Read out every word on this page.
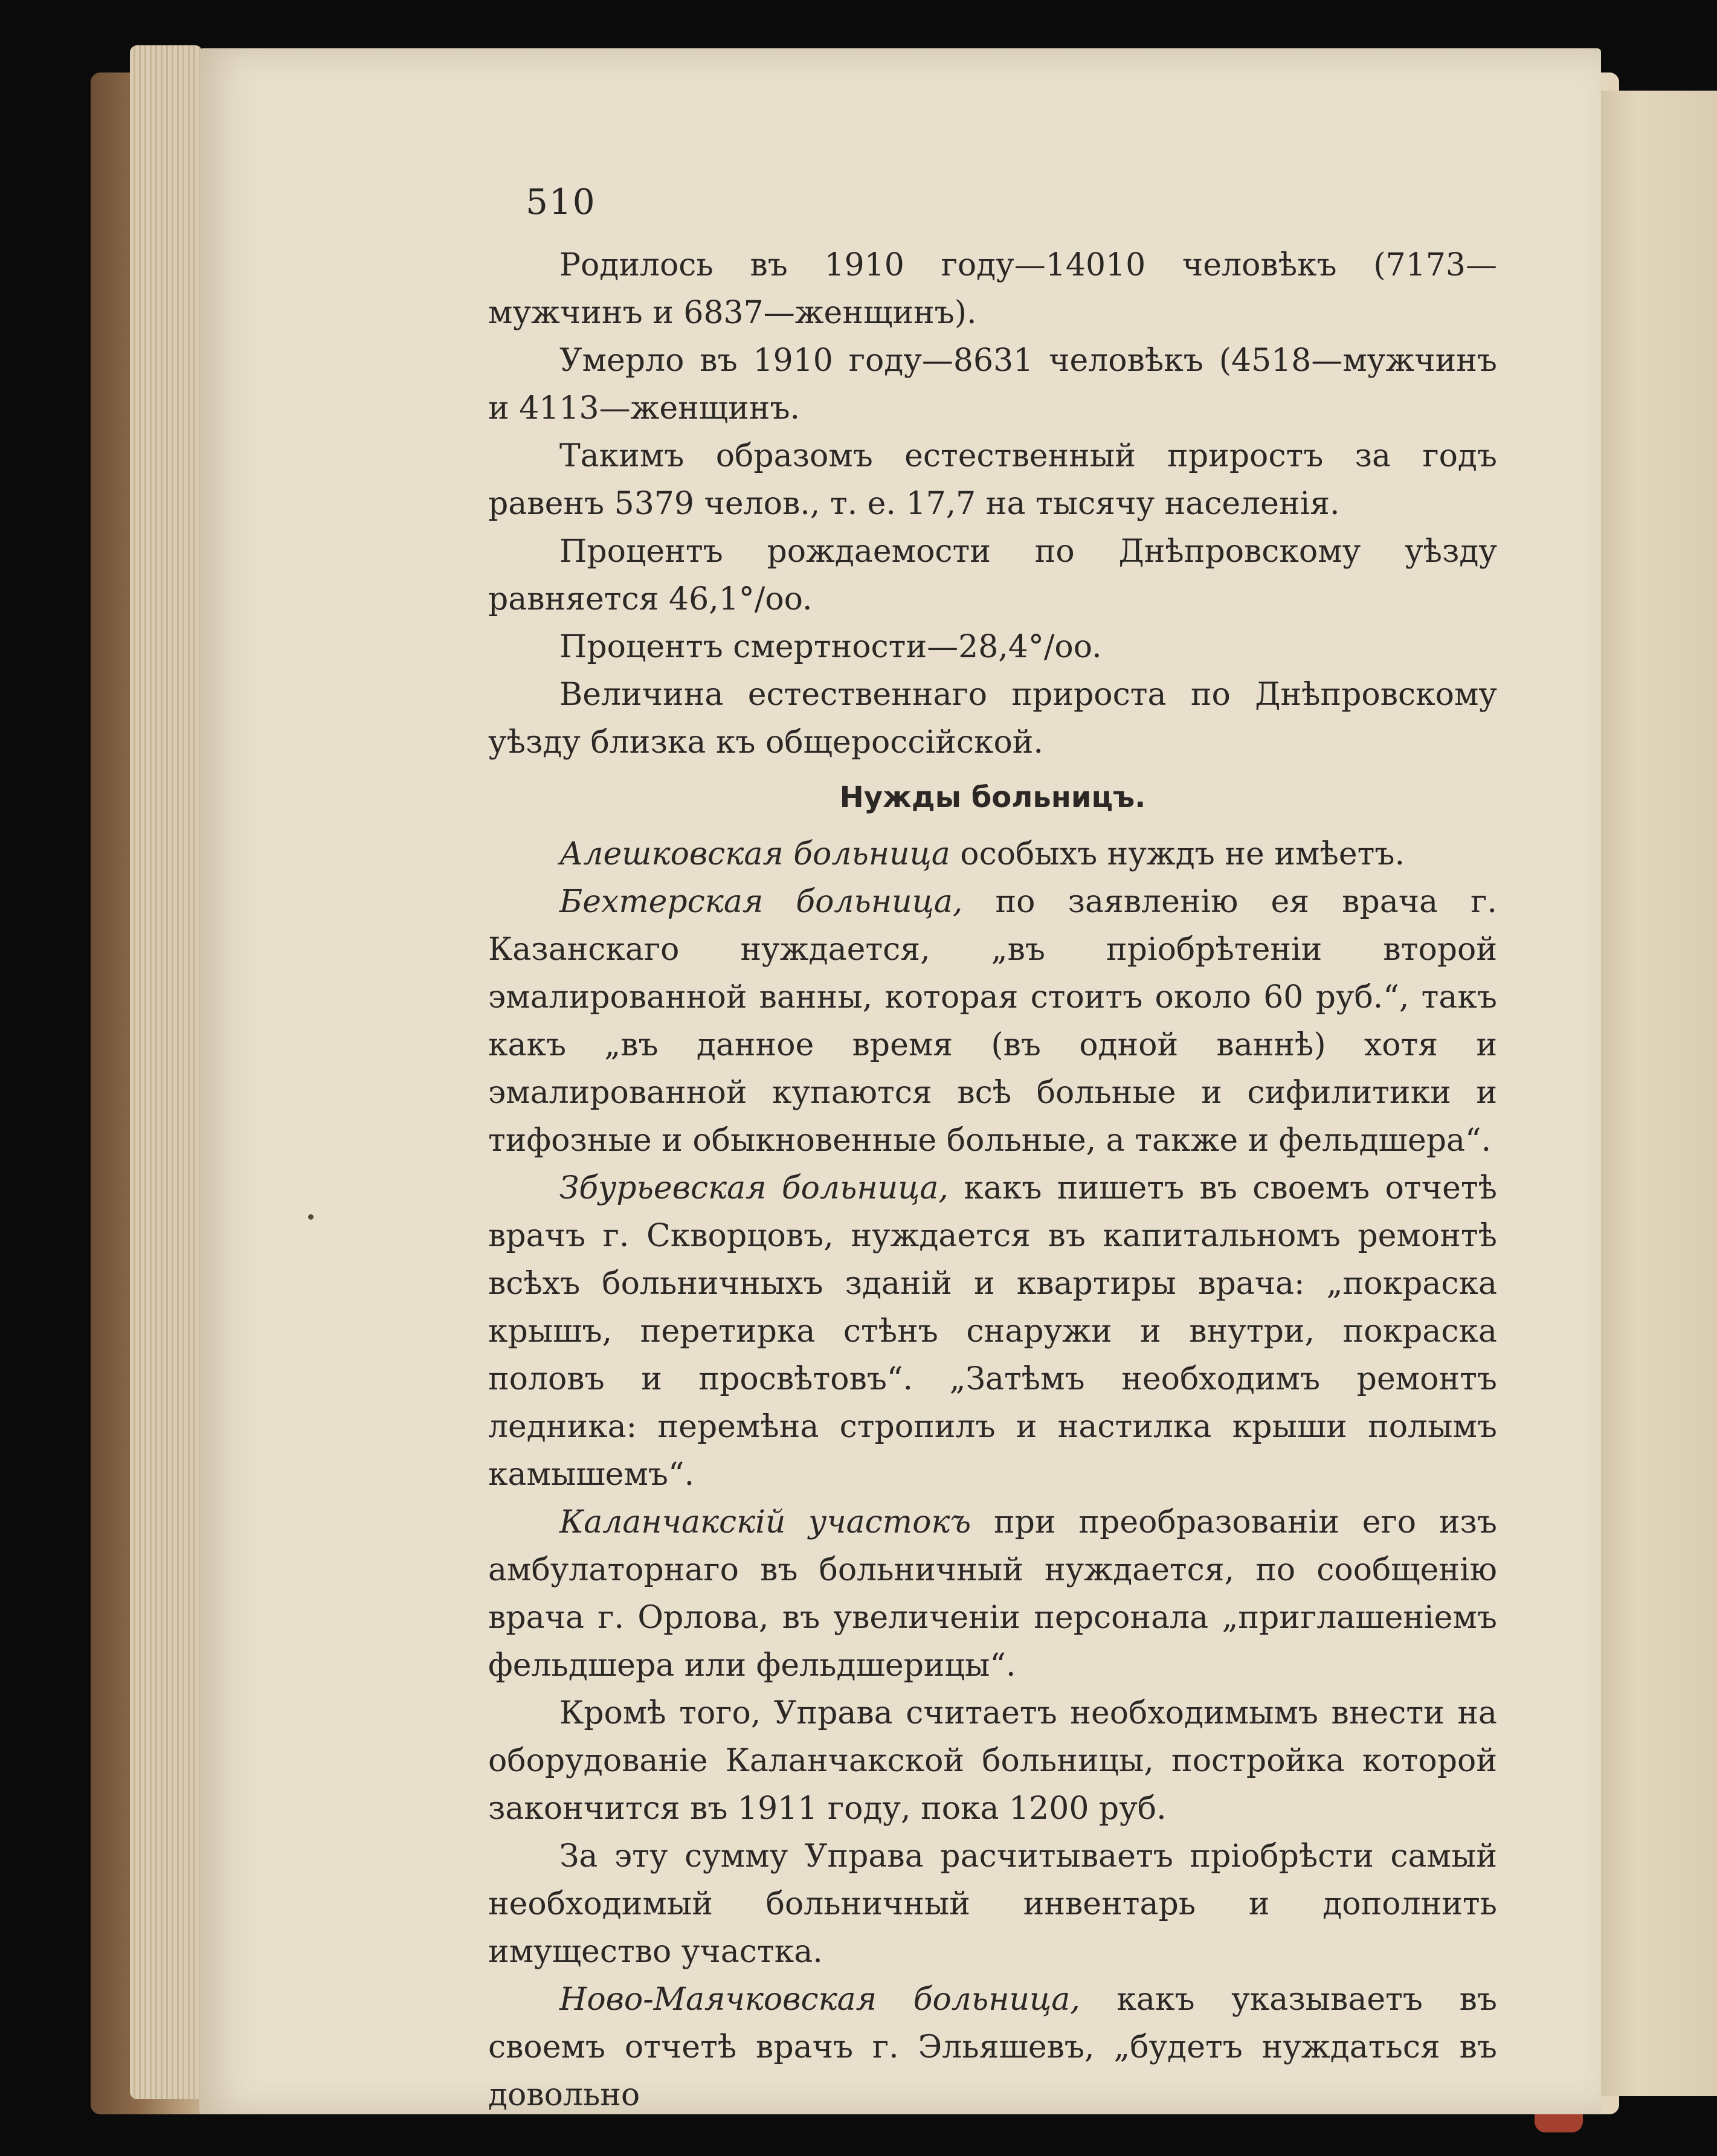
510

Родилось въ 1910 году—14010 человѣкъ (7173—мужчинъ и 6837—женщинъ).

Умерло въ 1910 году—8631 человѣкъ (4518—мужчинъ и 4113—женщинъ.

Такимъ образомъ естественный приростъ за годъ равенъ 5379 челов., т. е. 17,7 на тысячу населенія.

Процентъ рождаемости по Днѣпровскому уѣзду равняется 46,1°/oo.

Процентъ смертности—28,4°/oo.

Величина естественнаго прироста по Днѣпровскому уѣзду близка къ общероссійской.

Нужды больницъ.

Алешковская больница особыхъ нуждъ не имѣетъ.

Бехтерская больница, по заявленію ея врача г. Казанскаго нуждается, „въ пріобрѣтеніи второй эмалированной ванны, которая стоитъ около 60 руб.“, такъ какъ „въ данное время (въ одной ваннѣ) хотя и эмалированной купаются всѣ больные и сифилитики и тифозные и обыкновенные больные, а также и фельдшера“.

Збурьевская больница, какъ пишетъ въ своемъ отчетѣ врачъ г. Скворцовъ, нуждается въ капитальномъ ремонтѣ всѣхъ больничныхъ зданій и квартиры врача: „покраска крышъ, перетирка стѣнъ снаружи и внутри, покраска половъ и просвѣтовъ“. „Затѣмъ необходимъ ремонтъ ледника: перемѣна стропилъ и настилка крыши полымъ камышемъ“.

Каланчакскій участокъ при преобразованіи его изъ амбулаторнаго въ больничный нуждается, по сообщенію врача г. Орлова, въ увеличеніи персонала „приглашеніемъ фельдшера или фельдшерицы“.

Кромѣ того, Управа считаетъ необходимымъ внести на оборудованіе Каланчакской больницы, постройка которой закончится въ 1911 году, пока 1200 руб.

За эту сумму Управа расчитываетъ пріобрѣсти самый необходимый больничный инвентарь и дополнить имущество участка.

Ново-Маячковская больница, какъ указываетъ въ своемъ отчетѣ врачъ г. Эльяшевъ, „будетъ нуждаться въ довольно
